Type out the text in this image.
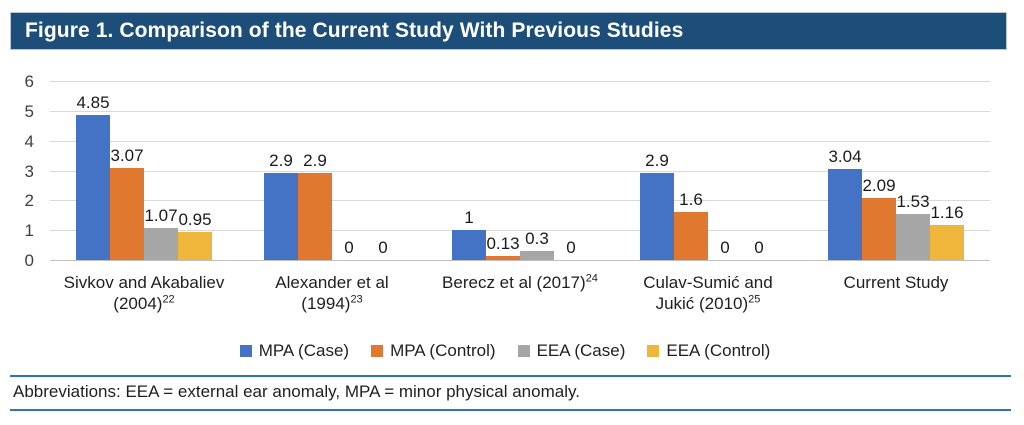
Figure 1. Comparison of the Current Study With Previous Studies
0
1
2
3
4
5
6
4.85
3.07
1.07 0.95
Sivkov and Akabaliev
$(2004)^{22}$
2.9 2.9
0 0
Alexander et al
$(1994)^{23}$
1
0.13 0.3 0
Berecz et al $(2017)^{24}$
2.9
1.6
0 0
Culav-Sumić and
Jukić $(2010)^{25}$
3.04
2.09
1.53
1.16
Current Study
MPA (Case) MPA (Control) EEA (Case) EEA (Control)
Abbreviations: EEA = external ear anomaly, MPA = minor physical anomaly.
